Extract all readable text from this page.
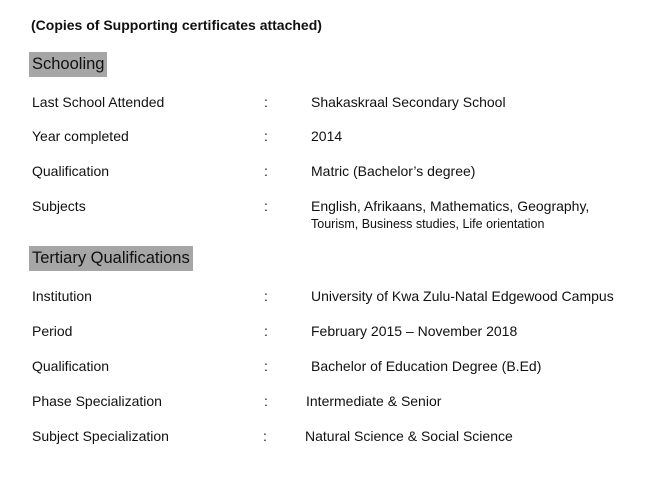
(Copies of Supporting certificates attached)
Schooling
Last School Attended	:	Shakaskraal Secondary School
Year completed	:	2014
Qualification	:	Matric (Bachelor’s degree)
Subjects	:	English, Afrikaans, Mathematics, Geography,
Tourism, Business studies, Life orientation
Tertiary Qualifications
Institution	:	University of Kwa Zulu-Natal Edgewood Campus
Period	:	February 2015 – November 2018
Qualification	:	Bachelor of Education Degree (B.Ed)
Phase Specialization	:	Intermediate & Senior
Subject Specialization	:	Natural Science & Social Science
